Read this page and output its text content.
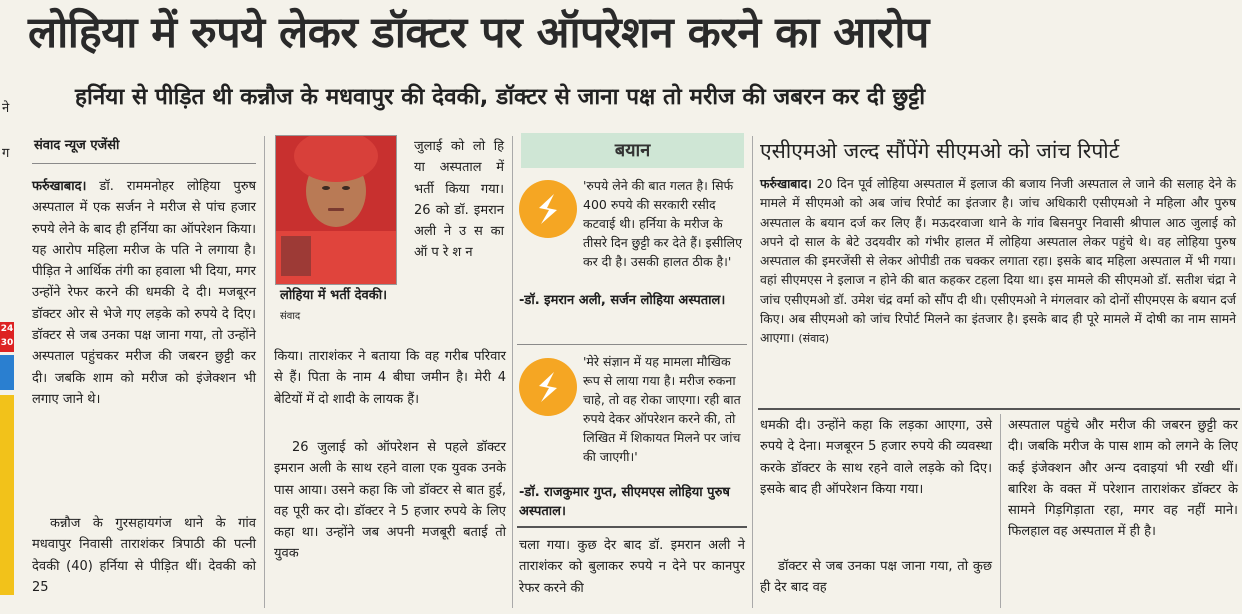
ने
ग
24
30
लोहिया में रुपये लेकर डॉक्टर पर ऑपरेशन करने का आरोप
हर्निया से पीड़ित थी कन्नौज के मधवापुर की देवकी, डॉक्टर से जाना पक्ष तो मरीज की जबरन कर दी छुट्टी
संवाद न्यूज एजेंसी
फर्रुखाबाद। डॉ. राममनोहर लोहिया पुरुष अस्पताल में एक सर्जन ने मरीज से पांच हजार रुपये लेने के बाद ही हर्निया का ऑपरेशन किया। यह आरोप महिला मरीज के पति ने लगाया है। पीड़ित ने आर्थिक तंगी का हवाला भी दिया, मगर उन्होंने रेफर करने की धमकी दे दी। मजबूरन डॉक्टर ओर से भेजे गए लड़के को रुपये दे दिए। डॉक्टर से जब उनका पक्ष जाना गया, तो उन्होंने अस्पताल पहुंचकर मरीज की जबरन छुट्टी कर दी। जबकि शाम को मरीज को इंजेक्शन भी लगाए जाने थे।
कन्नौज के गुरसहायगंज थाने के गांव मधवापुर निवासी ताराशंकर त्रिपाठी की पत्नी देवकी (40) हर्निया से पीड़ित थीं। देवकी को 25
लोहिया में भर्ती देवकी। संवाद
जुलाई को लो हि या अस्पताल में भर्ती किया गया। 26 को डॉ. इमरान अली ने उ स का ऑ प रे श न
किया। ताराशंकर ने बताया कि वह गरीब परिवार से हैं। पिता के नाम 4 बीघा जमीन है। मेरी 4 बेटियों में दो शादी के लायक हैं।
26 जुलाई को ऑपरेशन से पहले डॉक्टर इमरान अली के साथ रहने वाला एक युवक उनके पास आया। उसने कहा कि जो डॉक्टर से बात हुई, वह पूरी कर दो। डॉक्टर ने 5 हजार रुपये के लिए कहा था। उन्होंने जब अपनी मजबूरी बताई तो युवक
बयान
'रुपये लेने की बात गलत है। सिर्फ 400 रुपये की सरकारी रसीद कटवाई थी। हर्निया के मरीज के तीसरे दिन छुट्टी कर देते हैं। इसीलिए कर दी है। उसकी हालत ठीक है।'
-डॉ. इमरान अली, सर्जन लोहिया अस्पताल।
'मेरे संज्ञान में यह मामला मौखिक रूप से लाया गया है। मरीज रुकना चाहे, तो वह रोका जाएगा। रही बात रुपये देकर ऑपरेशन करने की, तो लिखित में शिकायत मिलने पर जांच की जाएगी।'
-डॉ. राजकुमार गुप्त, सीएमएस लोहिया पुरुष अस्पताल।
चला गया। कुछ देर बाद डॉ. इमरान अली ने ताराशंकर को बुलाकर रुपये न देने पर कानपुर रेफर करने की
एसीएमओ जल्द सौंपेंगे सीएमओ को जांच रिपोर्ट
फर्रुखाबाद। 20 दिन पूर्व लोहिया अस्पताल में इलाज की बजाय निजी अस्पताल ले जाने की सलाह देने के मामले में सीएमओ को अब जांच रिपोर्ट का इंतजार है। जांच अधिकारी एसीएमओ ने महिला और पुरुष अस्पताल के बयान दर्ज कर लिए हैं। मऊदरवाजा थाने के गांव बिसनपुर निवासी श्रीपाल आठ जुलाई को अपने दो साल के बेटे उदयवीर को गंभीर हालत में लोहिया अस्पताल लेकर पहुंचे थे। वह लोहिया पुरुष अस्पताल की इमरजेंसी से लेकर ओपीडी तक चक्कर लगाता रहा। इसके बाद महिला अस्पताल में भी गया। वहां सीएमएस ने इलाज न होने की बात कहकर टहला दिया था। इस मामले की सीएमओ डॉ. सतीश चंद्रा ने जांच एसीएमओ डॉ. उमेश चंद्र वर्मा को सौंप दी थी। एसीएमओ ने मंगलवार को दोनों सीएमएस के बयान दर्ज किए। अब सीएमओ को जांच रिपोर्ट मिलने का इंतजार है। इसके बाद ही पूरे मामले में दोषी का नाम सामने आएगा। (संवाद)
धमकी दी। उन्होंने कहा कि लड़का आएगा, उसे रुपये दे देना। मजबूरन 5 हजार रुपये की व्यवस्था करके डॉक्टर के साथ रहने वाले लड़के को दिए। इसके बाद ही ऑपरेशन किया गया।
डॉक्टर से जब उनका पक्ष जाना गया, तो कुछ ही देर बाद वह
अस्पताल पहुंचे और मरीज की जबरन छुट्टी कर दी। जबकि मरीज के पास शाम को लगने के लिए कई इंजेक्शन और अन्य दवाइयां भी रखी थीं। बारिश के वक्त में परेशान ताराशंकर डॉक्टर के सामने गिड़गिड़ाता रहा, मगर वह नहीं माने। फिलहाल वह अस्पताल में ही है।
